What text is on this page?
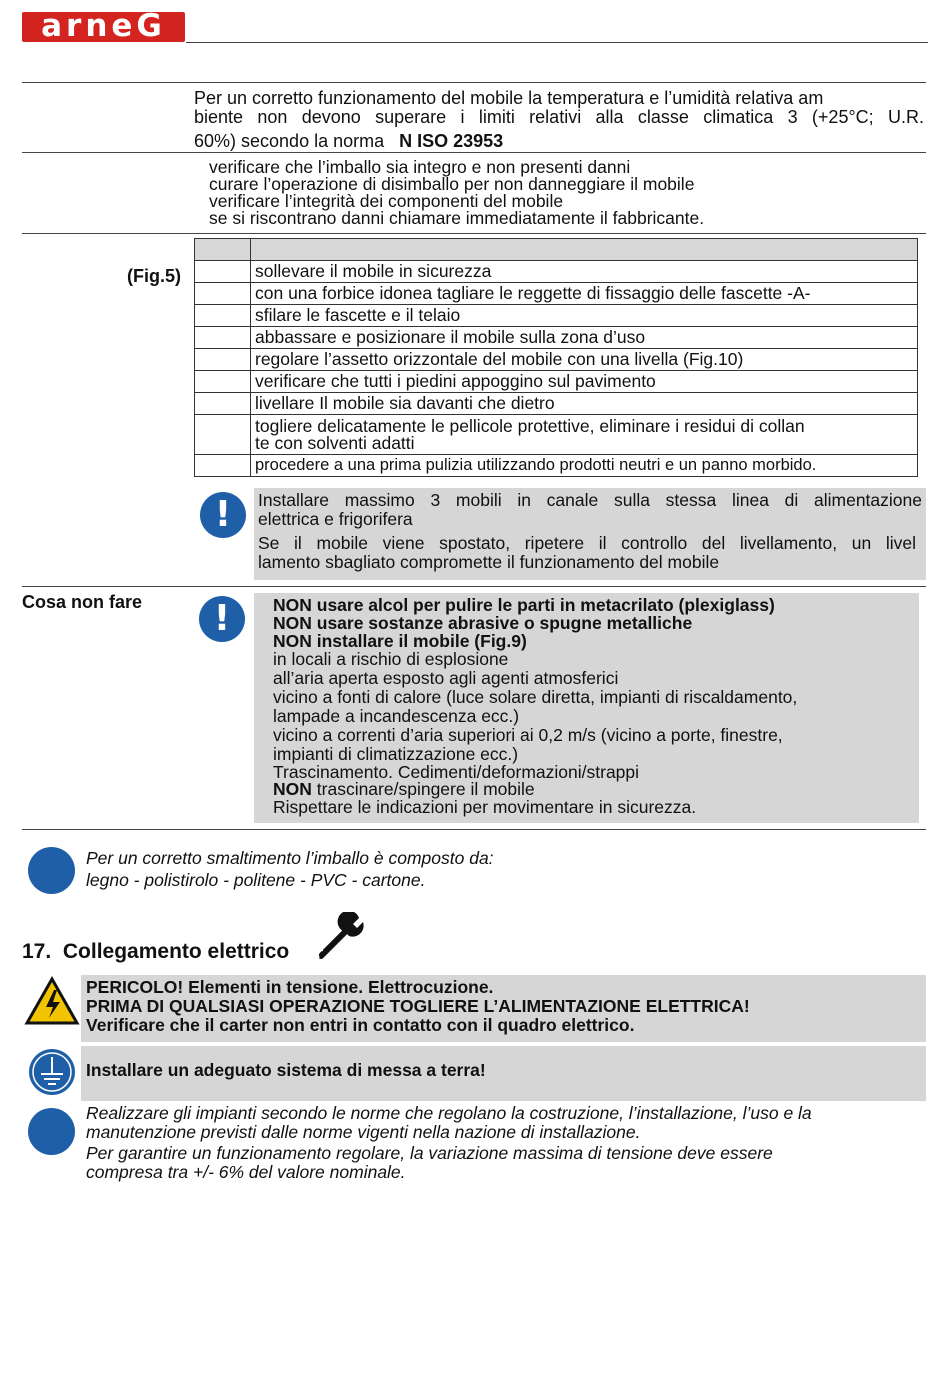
arneG
Per un corretto funzionamento del mobile la temperatura e l’umidità relativa am
biente non devono superare i limiti relativi alla classe climatica 3 (+25°C; U.R.
60%) secondo la norma N ISO 23953
verificare che l’imballo sia integro e non presenti danni
curare l’operazione di disimballo per non danneggiare il mobile
verificare l’integrità dei componenti del mobile
se si riscontrano danni chiamare immediatamente il fabbricante.
(Fig.5)

		sollevare il mobile in sicurezza
	con una forbice idonea tagliare le reggette di fissaggio delle fascette -A-
	sfilare le fascette e il telaio
	abbassare e posizionare il mobile sulla zona d’uso
	regolare l’assetto orizzontale del mobile con una livella (Fig.10)
	verificare che tutti i piedini appoggino sul pavimento
	livellare Il mobile sia davanti che dietro

	togliere delicatamente le pellicole protettive, eliminare i residui di collan
te con solventi adatti

	procedere a una prima pulizia utilizzando prodotti neutri e un panno morbido.
!	Installare massimo 3 mobili in canale sulla stessa linea di alimentazione
elettrica e frigorifera
Se il mobile viene spostato, ripetere il controllo del livellamento, un livel
lamento sbagliato compromette il funzionamento del mobile
Cosa non fare	!	NON usare alcol per pulire le parti in metacrilato (plexiglass)
NON usare sostanze abrasive o spugne metalliche
NON installare il mobile (Fig.9)
in locali a rischio di esplosione
all’aria aperta esposto agli agenti atmosferici
vicino a fonti di calore (luce solare diretta, impianti di riscaldamento,
lampade a incandescenza ecc.)
vicino a correnti d’aria superiori ai 0,2 m/s (vicino a porte, finestre,
impianti di climatizzazione ecc.)
Trascinamento. Cedimenti/deformazioni/strappi
NON trascinare/spingere il mobile
Rispettare le indicazioni per movimentare in sicurezza.
Per un corretto smaltimento l’imballo è composto da:
legno - polistirolo - politene - PVC - cartone.
17. Collegamento elettrico
PERICOLO! Elementi in tensione. Elettrocuzione.
PRIMA DI QUALSIASI OPERAZIONE TOGLIERE L’ALIMENTAZIONE ELETTRICA!
Verificare che il carter non entri in contatto con il quadro elettrico.
Installare un adeguato sistema di messa a terra!
Realizzare gli impianti secondo le norme che regolano la costruzione, l’installazione, l’uso e la
manutenzione previsti dalle norme vigenti nella nazione di installazione.
Per garantire un funzionamento regolare, la variazione massima di tensione deve essere
compresa tra +/- 6% del valore nominale.
